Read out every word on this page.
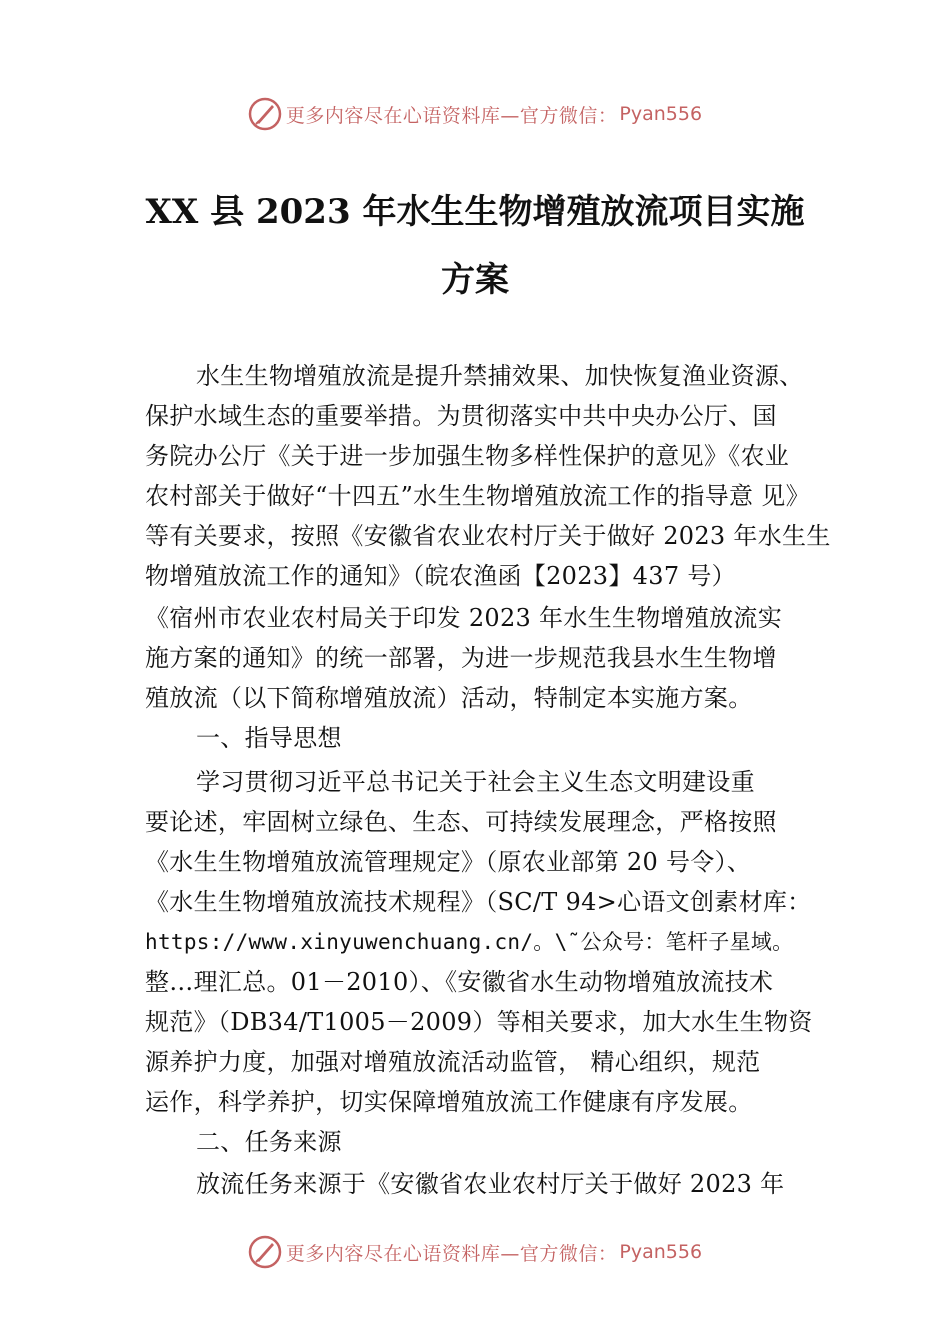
更多内容尽在心语资料库—官方微信： Pyan556
XX 县 2023 年水生生物增殖放流项目实施
方案
水生生物增殖放流是提升禁捕效果、加快恢复渔业资源、
保护水域生态的重要举措。为贯彻落实中共中央办公厅、国
务院办公厅《关于进一步加强生物多样性保护的意见》《农业
农村部关于做好“十四五”水生生物增殖放流工作的指导意 见》
等有关要求，按照《安徽省农业农村厅关于做好 2023 年水生生
物增殖放流工作的通知》（皖农渔函【2023】437 号）
《宿州市农业农村局关于印发 2023 年水生生物增殖放流实
施方案的通知》的统一部署，为进一步规范我县水生生物增
殖放流（以下简称增殖放流）活动，特制定本实施方案。
一、指导思想
学习贯彻习近平总书记关于社会主义生态文明建设重
要论述，牢固树立绿色、生态、可持续发展理念，严格按照
《水生生物增殖放流管理规定》（原农业部第 20 号令）、
《水生生物增殖放流技术规程》（SC/T 94>心语文创素材库：
https://www.xinyuwenchuang.cn/。\˜公众号：笔杆子星域。
整…理汇总。01－2010）、《安徽省水生动物增殖放流技术
规范》（DB34/T1005－2009）等相关要求，加大水生生物资
源养护力度，加强对增殖放流活动监管， 精心组织，规范
运作，科学养护，切实保障增殖放流工作健康有序发展。
二、任务来源
放流任务来源于《安徽省农业农村厅关于做好 2023 年
更多内容尽在心语资料库—官方微信： Pyan556
